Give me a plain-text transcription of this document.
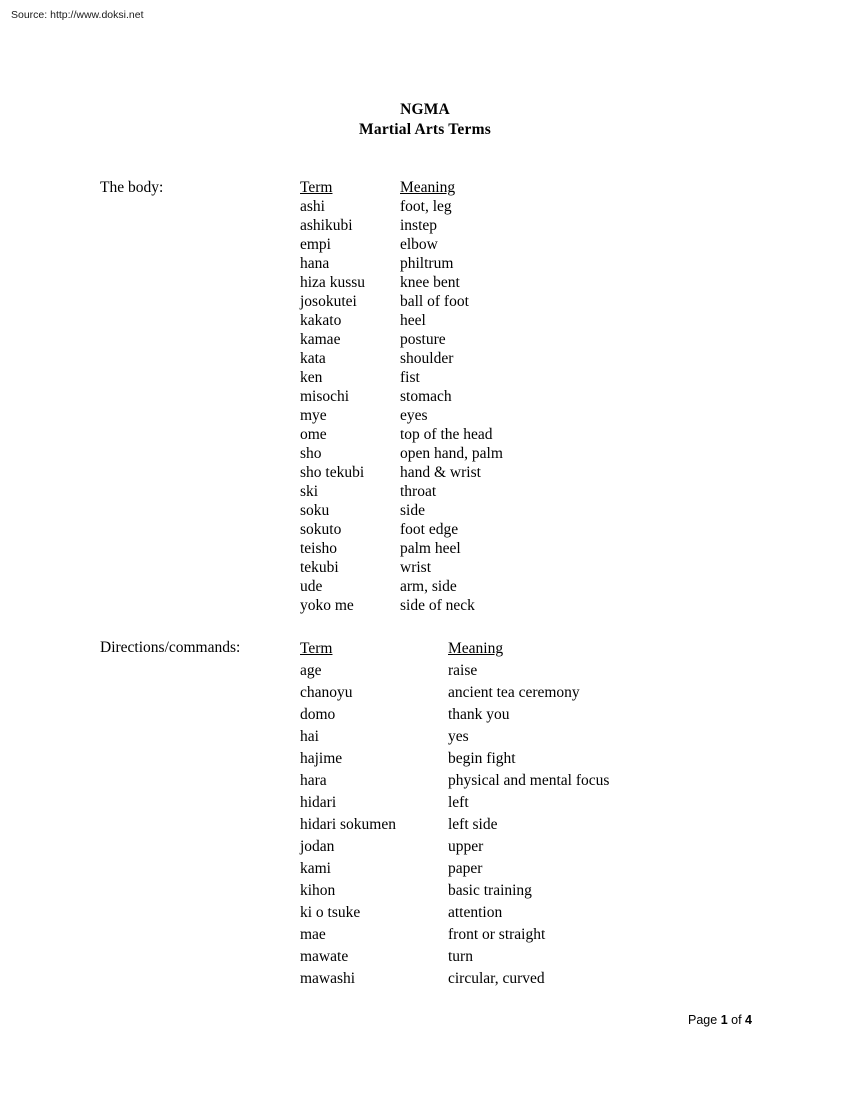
Source: http://www.doksi.net
NGMA
Martial Arts Terms
The body:	Term	Meaning
ashi	foot, leg
ashikubi	instep
empi	elbow
hana	philtrum
hiza kussu	knee bent
josokutei	ball of foot
kakato	heel
kamae	posture
kata	shoulder
ken	fist
misochi	stomach
mye	eyes
ome	top of the head
sho	open hand, palm
sho tekubi	hand & wrist
ski	throat
soku	side
sokuto	foot edge
teisho	palm heel
tekubi	wrist
ude	arm, side
yoko me	side of neck
Directions/commands:	Term	Meaning
age	raise
chanoyu	ancient tea ceremony
domo	thank you
hai	yes
hajime	begin fight
hara	physical and mental focus
hidari	left
hidari sokumen	left side
jodan	upper
kami	paper
kihon	basic training
ki o tsuke	attention
mae	front or straight
mawate	turn
mawashi	circular, curved
Page 1 of 4
